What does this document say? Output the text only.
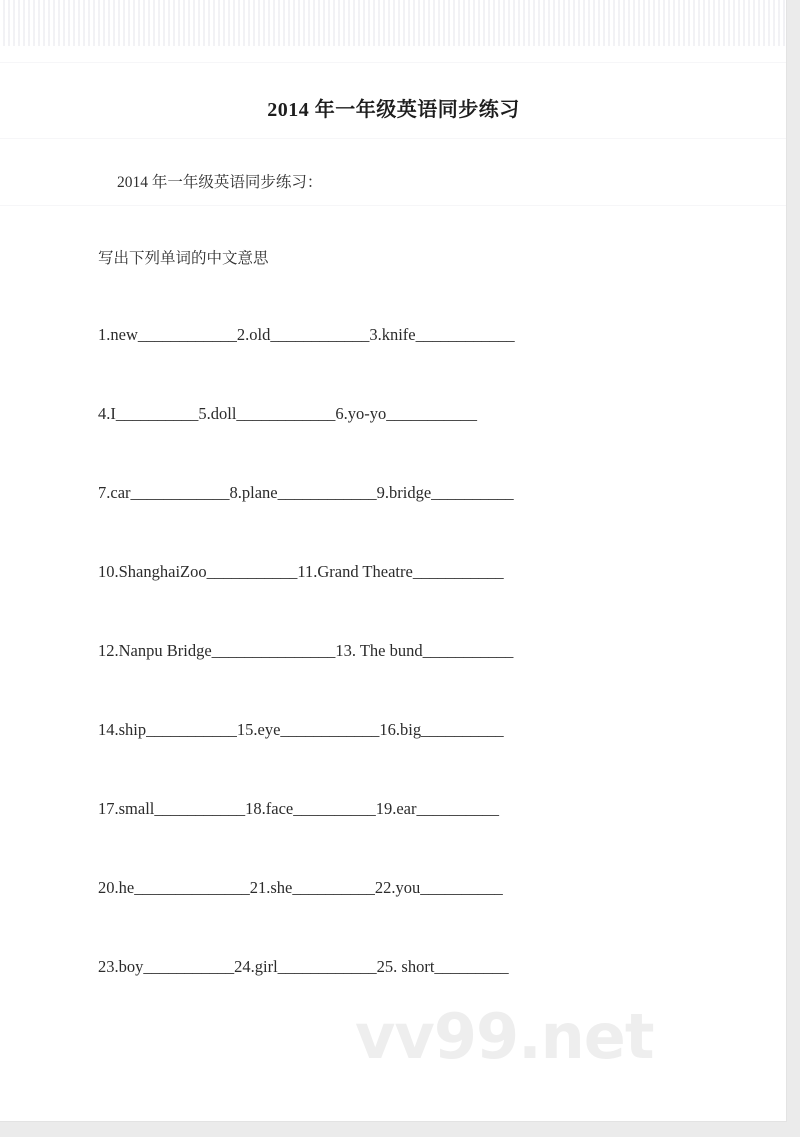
2014 年一年级英语同步练习
2014 年一年级英语同步练习：
写出下列单词的中文意思
1.new____________2.old____________3.knife____________
4.I__________5.doll____________6.yo-yo___________
7.car____________8.plane____________9.bridge__________
10.ShanghaiZoo___________11.Grand Theatre___________
12.Nanpu Bridge_______________13. The bund___________
14.ship___________15.eye____________16.big__________
17.small___________18.face__________19.ear__________
20.he______________21.she__________22.you__________
23.boy___________24.girl____________25. short_________
vv99.net
